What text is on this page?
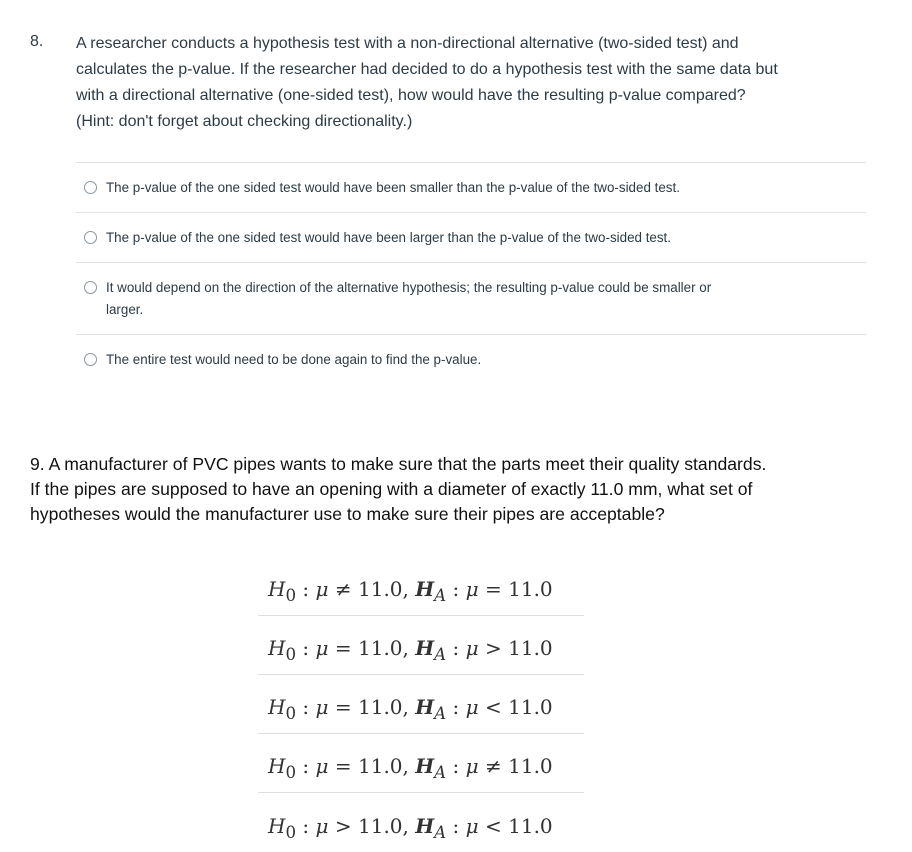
8. A researcher conducts a hypothesis test with a non-directional alternative (two-sided test) and
calculates the p-value. If the researcher had decided to do a hypothesis test with the same data but
with a directional alternative (one-sided test), how would have the resulting p-value compared?
(Hint: don't forget about checking directionality.)

The p-value of the one sided test would have been smaller than the p-value of the two-sided test.
The p-value of the one sided test would have been larger than the p-value of the two-sided test.
It would depend on the direction of the alternative hypothesis; the resulting p-value could be smaller or
larger.
The entire test would need to be done again to find the p-value.

9. A manufacturer of PVC pipes wants to make sure that the parts meet their quality standards.
If the pipes are supposed to have an opening with a diameter of exactly 11.0 mm, what set of
hypotheses would the manufacturer use to make sure their pipes are acceptable?

$H_0$ : μ ≠ 11.0, $H_A$ : μ = 11.0
$H_0$ : μ = 11.0, $H_A$ : μ > 11.0
$H_0$ : μ = 11.0, $H_A$ : μ < 11.0
$H_0$ : μ = 11.0, $H_A$ : μ ≠ 11.0
$H_0$ : μ > 11.0, $H_A$ : μ < 11.0
